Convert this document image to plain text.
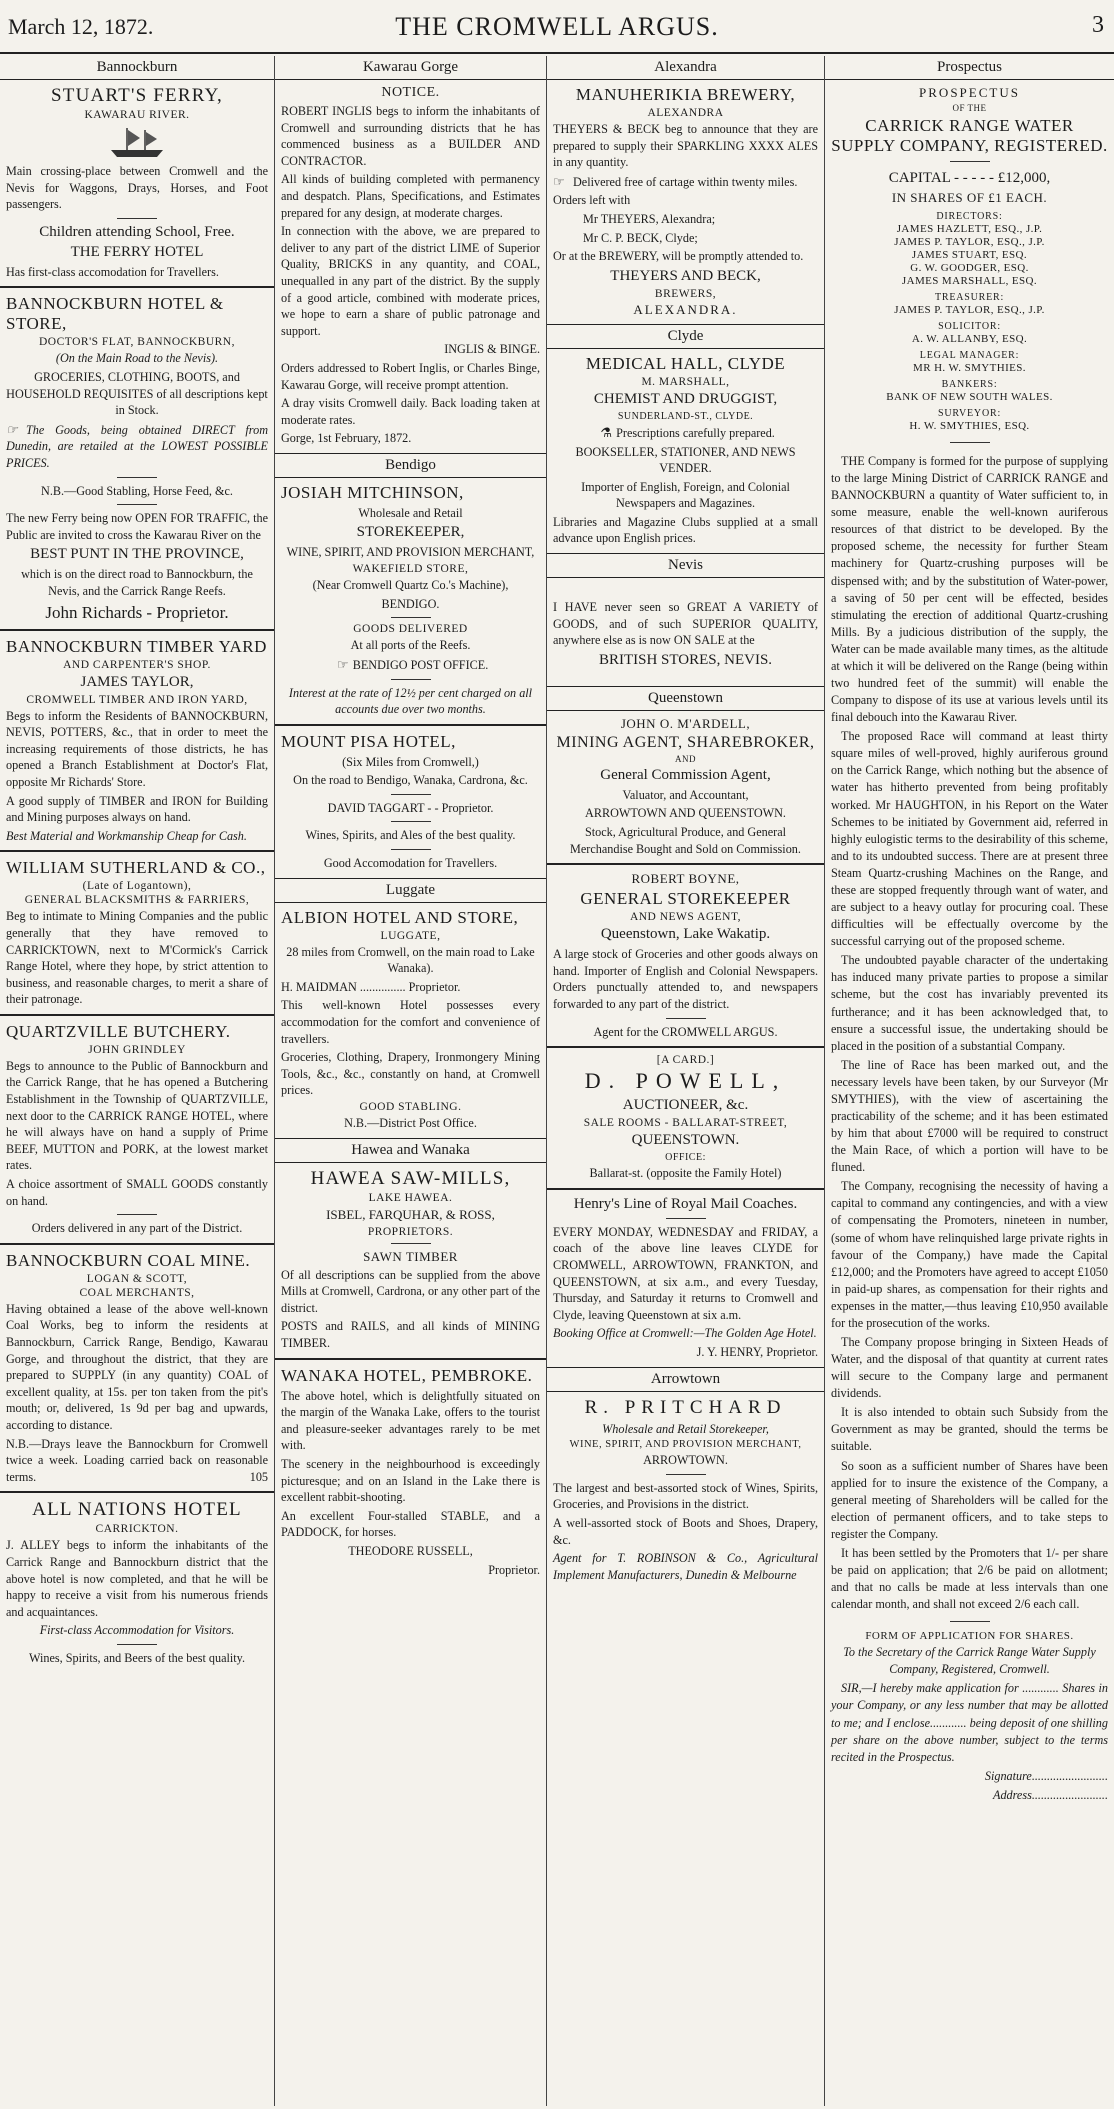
March 12, 1872.	THE CROMWELL ARGUS.	3
Bannockburn
STUART'S FERRY,
KAWARAU RIVER.

Main crossing-place between Cromwell and the Nevis for Waggons, Drays, Horses, and Foot passengers.

Children attending School, Free.
THE FERRY HOTEL

Has first-class accomodation for Travellers.

BANNOCKBURN HOTEL & STORE,
DOCTOR'S FLAT, BANNOCKBURN,

(On the Main Road to the Nevis).

GROCERIES, CLOTHING, BOOTS, and HOUSEHOLD REQUISITES of all descriptions kept in Stock.

☞ The Goods, being obtained DIRECT from Dunedin, are retailed at the LOWEST POSSIBLE PRICES.

N.B.—Good Stabling, Horse Feed, &c.

The new Ferry being now OPEN FOR TRAFFIC, the Public are invited to cross the Kawarau River on the

BEST PUNT IN THE PROVINCE,

which is on the direct road to Bannockburn, the Nevis, and the Carrick Range Reefs.

John Richards - Proprietor.
BANNOCKBURN TIMBER YARD
AND CARPENTER'S SHOP.
JAMES TAYLOR,
CROMWELL TIMBER AND IRON YARD,

Begs to inform the Residents of BANNOCKBURN, NEVIS, POTTERS, &c., that in order to meet the increasing requirements of those districts, he has opened a Branch Establishment at Doctor's Flat, opposite Mr Richards' Store.

A good supply of TIMBER and IRON for Building and Mining purposes always on hand.

Best Material and Workmanship Cheap for Cash.

WILLIAM SUTHERLAND & CO.,
(Late of Logantown),
GENERAL BLACKSMITHS & FARRIERS,

Beg to intimate to Mining Companies and the public generally that they have removed to CARRICKTOWN, next to M'Cormick's Carrick Range Hotel, where they hope, by strict attention to business, and reasonable charges, to merit a share of their patronage.

QUARTZVILLE BUTCHERY.
JOHN GRINDLEY

Begs to announce to the Public of Bannockburn and the Carrick Range, that he has opened a Butchering Establishment in the Township of QUARTZVILLE, next door to the CARRICK RANGE HOTEL, where he will always have on hand a supply of Prime BEEF, MUTTON and PORK, at the lowest market rates.

A choice assortment of SMALL GOODS constantly on hand.

Orders delivered in any part of the District.

BANNOCKBURN COAL MINE.
LOGAN & SCOTT,
COAL MERCHANTS,

Having obtained a lease of the above well-known Coal Works, beg to inform the residents at Bannockburn, Carrick Range, Bendigo, Kawarau Gorge, and throughout the district, that they are prepared to SUPPLY (in any quantity) COAL of excellent quality, at 15s. per ton taken from the pit's mouth; or, delivered, 1s 9d per bag and upwards, according to distance.

N.B.—Drays leave the Bannockburn for Cromwell twice a week. Loading carried back on reasonable terms.	105

ALL NATIONS HOTEL
CARRICKTON.

J. ALLEY begs to inform the inhabitants of the Carrick Range and Bannockburn district that the above hotel is now completed, and that he will be happy to receive a visit from his numerous friends and acquaintances.

First-class Accommodation for Visitors.

Wines, Spirits, and Beers of the best quality.

Kawarau Gorge
NOTICE.

ROBERT INGLIS begs to inform the inhabitants of Cromwell and surrounding districts that he has commenced business as a BUILDER AND CONTRACTOR.

All kinds of building completed with permanency and despatch. Plans, Specifications, and Estimates prepared for any design, at moderate charges.

In connection with the above, we are prepared to deliver to any part of the district LIME of Superior Quality, BRICKS in any quantity, and COAL, unequalled in any part of the district. By the supply of a good article, combined with moderate prices, we hope to earn a share of public patronage and support.

INGLIS & BINGE.

Orders addressed to Robert Inglis, or Charles Binge, Kawarau Gorge, will receive prompt attention.

A dray visits Cromwell daily. Back loading taken at moderate rates.

Gorge, 1st February, 1872.

Bendigo
JOSIAH MITCHINSON,

Wholesale and Retail

STOREKEEPER,

WINE, SPIRIT, AND PROVISION MERCHANT,

WAKEFIELD STORE,

(Near Cromwell Quartz Co.'s Machine),

BENDIGO.

GOODS DELIVERED

At all ports of the Reefs.

☞ BENDIGO POST OFFICE.

Interest at the rate of 12½ per cent charged on all accounts due over two months.

MOUNT PISA HOTEL,

(Six Miles from Cromwell,)

On the road to Bendigo, Wanaka, Cardrona, &c.

DAVID TAGGART - - Proprietor.

Wines, Spirits, and Ales of the best quality.

Good Accomodation for Travellers.

Luggate
ALBION HOTEL AND STORE,
LUGGATE,

28 miles from Cromwell, on the main road to Lake Wanaka).

H. MAIDMAN ............... Proprietor.

This well-known Hotel possesses every accommodation for the comfort and convenience of travellers.

Groceries, Clothing, Drapery, Ironmongery Mining Tools, &c., &c., constantly on hand, at Cromwell prices.

GOOD STABLING.

N.B.—District Post Office.

Hawea and Wanaka
HAWEA SAW-MILLS,
LAKE HAWEA.
ISBEL, FARQUHAR, & ROSS,
PROPRIETORS.
SAWN TIMBER

Of all descriptions can be supplied from the above Mills at Cromwell, Cardrona, or any other part of the district.

POSTS and RAILS, and all kinds of MINING TIMBER.

WANAKA HOTEL, PEMBROKE.

The above hotel, which is delightfully situated on the margin of the Wanaka Lake, offers to the tourist and pleasure-seeker advantages rarely to be met with.

The scenery in the neighbourhood is exceedingly picturesque; and on an Island in the Lake there is excellent rabbit-shooting.

An excellent Four-stalled STABLE, and a PADDOCK, for horses.

THEODORE RUSSELL,

Proprietor.

Alexandra
MANUHERIKIA BREWERY,
ALEXANDRA

THEYERS & BECK beg to announce that they are prepared to supply their SPARKLING XXXX ALES in any quantity.

☞ Delivered free of cartage within twenty miles.

Orders left with

Mr THEYERS, Alexandra;

Mr C. P. BECK, Clyde;

Or at the BREWERY, will be promptly attended to.

THEYERS AND BECK,
BREWERS,
ALEXANDRA.
Clyde
MEDICAL HALL, CLYDE
M. MARSHALL,
CHEMIST AND DRUGGIST,
SUNDERLAND-ST., CLYDE.

⚗ Prescriptions carefully prepared.

BOOKSELLER, STATIONER, AND NEWS VENDER.

Importer of English, Foreign, and Colonial Newspapers and Magazines.

Libraries and Magazine Clubs supplied at a small advance upon English prices.

Nevis

I HAVE never seen so GREAT A VARIETY of GOODS, and of such SUPERIOR QUALITY, anywhere else as is now ON SALE at the

BRITISH STORES, NEVIS.
Queenstown
JOHN O. M'ARDELL,
MINING AGENT, SHAREBROKER,
AND
General Commission Agent,

Valuator, and Accountant,

ARROWTOWN AND QUEENSTOWN.

Stock, Agricultural Produce, and General Merchandise Bought and Sold on Commission.

ROBERT BOYNE,
GENERAL STOREKEEPER
AND NEWS AGENT,
Queenstown, Lake Wakatip.

A large stock of Groceries and other goods always on hand. Importer of English and Colonial Newspapers. Orders punctually attended to, and newspapers forwarded to any part of the district.

Agent for the CROMWELL ARGUS.

[A CARD.]
D. POWELL,
AUCTIONEER, &c.
SALE ROOMS - BALLARAT-STREET,
QUEENSTOWN.
OFFICE:

Ballarat-st. (opposite the Family Hotel)

Henry's Line of Royal Mail Coaches.

EVERY MONDAY, WEDNESDAY and FRIDAY, a coach of the above line leaves CLYDE for CROMWELL, ARROWTOWN, FRANKTON, and QUEENSTOWN, at six a.m., and every Tuesday, Thursday, and Saturday it returns to Cromwell and Clyde, leaving Queenstown at six a.m.

Booking Office at Cromwell:—The Golden Age Hotel.

J. Y. HENRY, Proprietor.

Arrowtown
R. PRITCHARD

Wholesale and Retail Storekeeper,

WINE, SPIRIT, AND PROVISION MERCHANT,

ARROWTOWN.

The largest and best-assorted stock of Wines, Spirits, Groceries, and Provisions in the district.

A well-assorted stock of Boots and Shoes, Drapery, &c.

Agent for T. ROBINSON & Co., Agricultural Implement Manufacturers, Dunedin & Melbourne

Prospectus
PROSPECTUS
OF THE
CARRICK RANGE WATER SUPPLY COMPANY, REGISTERED.
CAPITAL - - - - - £12,000,
IN SHARES OF £1 EACH.
DIRECTORS:
JAMES HAZLETT, ESQ., J.P.
JAMES P. TAYLOR, ESQ., J.P.
JAMES STUART, ESQ.
G. W. GOODGER, ESQ.
JAMES MARSHALL, ESQ.
TREASURER:
JAMES P. TAYLOR, ESQ., J.P.
SOLICITOR:
A. W. ALLANBY, ESQ.
LEGAL MANAGER:
MR H. W. SMYTHIES.
BANKERS:
BANK OF NEW SOUTH WALES.
SURVEYOR:
H. W. SMYTHIES, ESQ.

THE Company is formed for the purpose of supplying to the large Mining District of CARRICK RANGE and BANNOCKBURN a quantity of Water sufficient to, in some measure, enable the well-known auriferous resources of that district to be developed. By the proposed scheme, the necessity for further Steam machinery for Quartz-crushing purposes will be dispensed with; and by the substitution of Water-power, a saving of 50 per cent will be effected, besides stimulating the erection of additional Quartz-crushing Mills. By a judicious distribution of the supply, the Water can be made available many times, as the altitude at which it will be delivered on the Range (being within two hundred feet of the summit) will enable the Company to dispose of its use at various levels until its final debouch into the Kawarau River.

The proposed Race will command at least thirty square miles of well-proved, highly auriferous ground on the Carrick Range, which nothing but the absence of water has hitherto prevented from being profitably worked. Mr HAUGHTON, in his Report on the Water Schemes to be initiated by Government aid, referred in highly eulogistic terms to the desirability of this scheme, and to its undoubted success. There are at present three Steam Quartz-crushing Machines on the Range, and these are stopped frequently through want of water, and are subject to a heavy outlay for procuring coal. These difficulties will be effectually overcome by the successful carrying out of the proposed scheme.

The undoubted payable character of the undertaking has induced many private parties to propose a similar scheme, but the cost has invariably prevented its furtherance; and it has been acknowledged that, to ensure a successful issue, the undertaking should be placed in the position of a substantial Company.

The line of Race has been marked out, and the necessary levels have been taken, by our Surveyor (Mr SMYTHIES), with the view of ascertaining the practicability of the scheme; and it has been estimated by him that about £7000 will be required to construct the Main Race, of which a portion will have to be fluned.

The Company, recognising the necessity of having a capital to command any contingencies, and with a view of compensating the Promoters, nineteen in number, (some of whom have relinquished large private rights in favour of the Company,) have made the Capital £12,000; and the Promoters have agreed to accept £1050 in paid-up shares, as compensation for their rights and expenses in the matter,—thus leaving £10,950 available for the prosecution of the works.

The Company propose bringing in Sixteen Heads of Water, and the disposal of that quantity at current rates will secure to the Company large and permanent dividends.

It is also intended to obtain such Subsidy from the Government as may be granted, should the terms be suitable.

So soon as a sufficient number of Shares have been applied for to insure the existence of the Company, a general meeting of Shareholders will be called for the election of permanent officers, and to take steps to register the Company.

It has been settled by the Promoters that 1/- per share be paid on application; that 2/6 be paid on allotment; and that no calls be made at less intervals than one calendar month, and shall not exceed 2/6 each call.

FORM OF APPLICATION FOR SHARES.

To the Secretary of the Carrick Range Water Supply Company, Registered, Cromwell.

SIR,—I hereby make application for ............ Shares in your Company, or any less number that may be allotted to me; and I enclose............ being deposit of one shilling per share on the above number, subject to the terms recited in the Prospectus.

Signature.........................

Address.........................
